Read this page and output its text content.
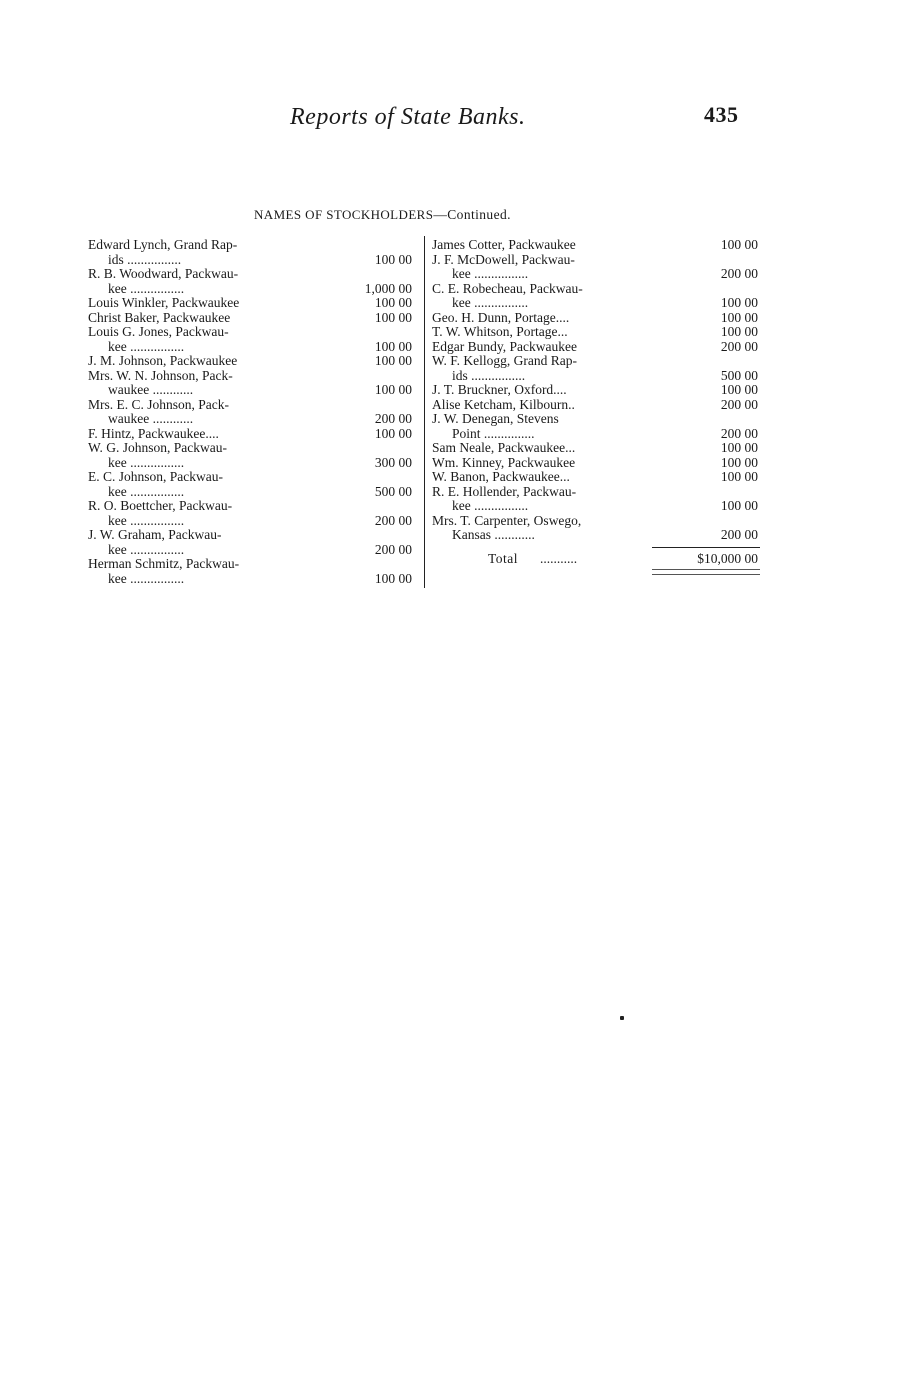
Reports of State Banks.	435
NAMES OF STOCKHOLDERS—Continued.
Edward Lynch, Grand Rap-
ids ................	100 00
R. B. Woodward, Packwau-
kee ................	1,000 00
Louis Winkler, Packwaukee	100 00
Christ Baker, Packwaukee	100 00
Louis G. Jones, Packwau-
kee ................	100 00
J. M. Johnson, Packwaukee	100 00
Mrs. W. N. Johnson, Pack-
waukee ............	100 00
Mrs. E. C. Johnson, Pack-
waukee ............	200 00
F. Hintz, Packwaukee....	100 00
W. G. Johnson, Packwau-
kee ................	300 00
E. C. Johnson, Packwau-
kee ................	500 00
R. O. Boettcher, Packwau-
kee ................	200 00
J. W. Graham, Packwau-
kee ................	200 00
Herman Schmitz, Packwau-
kee ................	100 00
James Cotter, Packwaukee	100 00
J. F. McDowell, Packwau-
kee ................	200 00
C. E. Robecheau, Packwau-
kee ................	100 00
Geo. H. Dunn, Portage....	100 00
T. W. Whitson, Portage...	100 00
Edgar Bundy, Packwaukee	200 00
W. F. Kellogg, Grand Rap-
ids ................	500 00
J. T. Bruckner, Oxford....	100 00
Alise Ketcham, Kilbourn..	200 00
J. W. Denegan, Stevens
Point ...............	200 00
Sam Neale, Packwaukee...	100 00
Wm. Kinney, Packwaukee	100 00
W. Banon, Packwaukee...	100 00
R. E. Hollender, Packwau-
kee ................	100 00
Mrs. T. Carpenter, Oswego,
Kansas ............	200 00
Total ...........	$10,000 00
